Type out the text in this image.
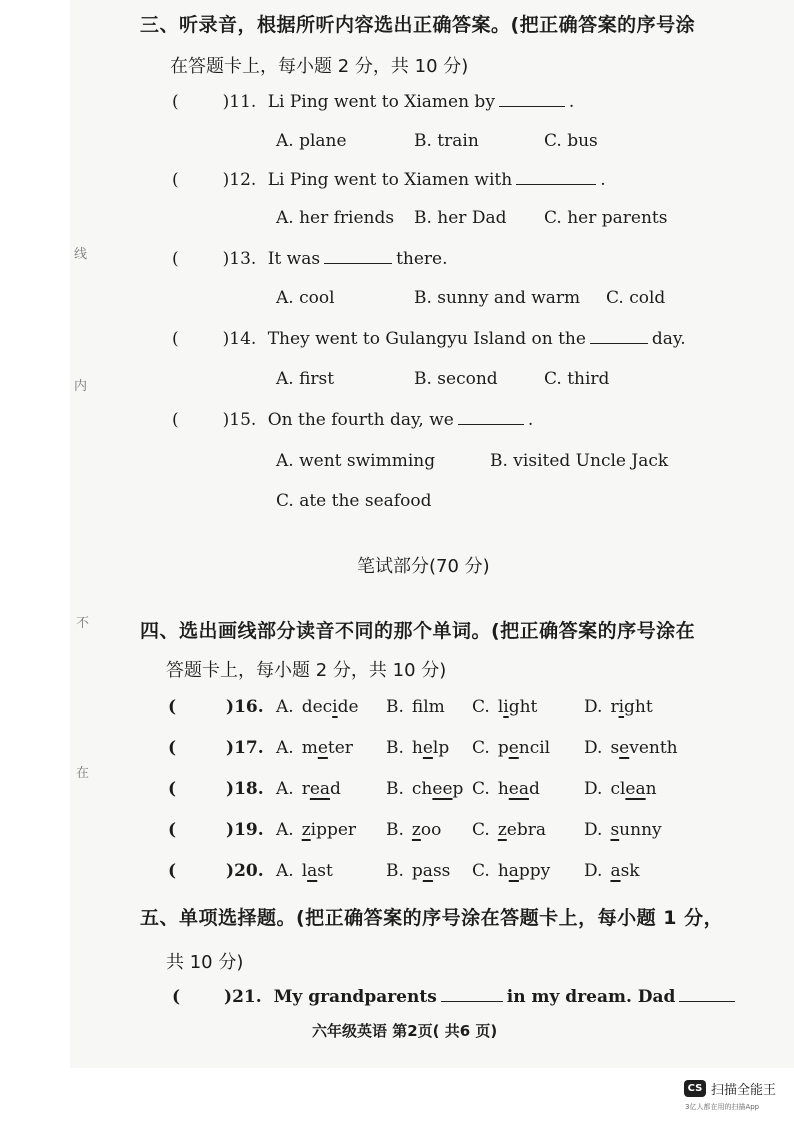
线
内
不
在
三、听录音，根据所听内容选出正确答案。(把正确答案的序号涂
在答题卡上，每小题 2 分，共 10 分)
(	)11. Li Ping went to Xiamen by	.
A. plane	B. train	C. bus
(	)12. Li Ping went to Xiamen with	.
A. her friends B. her Dad C. her parents
(	)13. It was	there.
A. cool	B. sunny and warm C. cold
(	)14. They went to Gulangyu Island on the	day.
A. first	B. second	C. third
(	)15. On the fourth day, we	.
A. went swimming	B. visited Uncle Jack
C. ate the seafood
笔试部分(70 分)
四、选出画线部分读音不同的那个单词。(把正确答案的序号涂在
答题卡上，每小题 2 分，共 10 分)
(	)16. A. decide B. flm C. light	D. right
(	)17. A. meter B. help C. pencil D. seventh
(	)18. A. read	B. cheep C. head	D. clean
(	)19. A. zipper B. zoo C. zebra D. sunny
(	)20. A. last	B. pass C. happy D. ask
五、单项选择题。(把正确答案的序号涂在答题卡上，每小题 1 分，
共 10 分)
(	)21. My grandparents	in my dream. Dad
六年级英语 第2页( 共6 页)
CS 扫描全能王
3亿人都在用的扫描App
